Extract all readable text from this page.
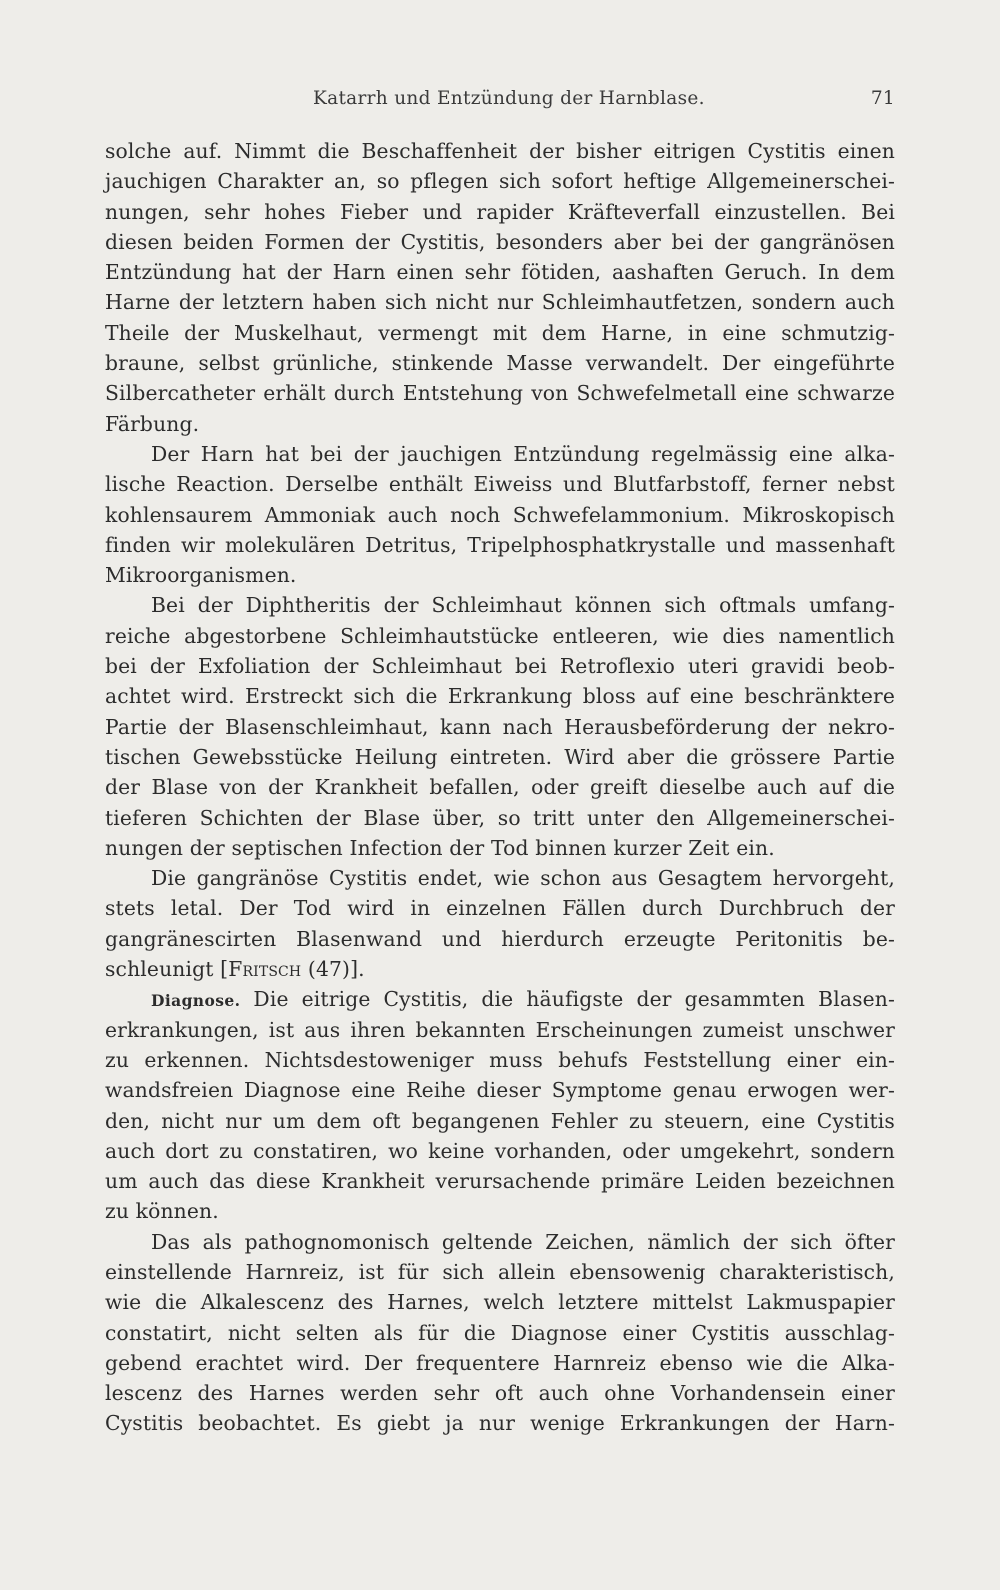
Katarrh und Entzündung der Harnblase.	71
solche auf. Nimmt die Beschaffenheit der bisher eitrigen Cystitis einen
jauchigen Charakter an, so pflegen sich sofort heftige Allgemeinerschei-
nungen, sehr hohes Fieber und rapider Kräfteverfall einzustellen. Bei
diesen beiden Formen der Cystitis, besonders aber bei der gangränösen
Entzündung hat der Harn einen sehr fötiden, aashaften Geruch. In dem
Harne der letztern haben sich nicht nur Schleimhautfetzen, sondern auch
Theile der Muskelhaut, vermengt mit dem Harne, in eine schmutzig-
braune, selbst grünliche, stinkende Masse verwandelt. Der eingeführte
Silbercatheter erhält durch Entstehung von Schwefelmetall eine schwarze
Färbung.
Der Harn hat bei der jauchigen Entzündung regelmässig eine alka-
lische Reaction. Derselbe enthält Eiweiss und Blutfarbstoff, ferner nebst
kohlensaurem Ammoniak auch noch Schwefelammonium. Mikroskopisch
finden wir molekulären Detritus, Tripelphosphatkrystalle und massenhaft
Mikroorganismen.
Bei der Diphtheritis der Schleimhaut können sich oftmals umfang-
reiche abgestorbene Schleimhautstücke entleeren, wie dies namentlich
bei der Exfoliation der Schleimhaut bei Retroflexio uteri gravidi beob-
achtet wird. Erstreckt sich die Erkrankung bloss auf eine beschränktere
Partie der Blasenschleimhaut, kann nach Herausbeförderung der nekro-
tischen Gewebsstücke Heilung eintreten. Wird aber die grössere Partie
der Blase von der Krankheit befallen, oder greift dieselbe auch auf die
tieferen Schichten der Blase über, so tritt unter den Allgemeinerschei-
nungen der septischen Infection der Tod binnen kurzer Zeit ein.
Die gangränöse Cystitis endet, wie schon aus Gesagtem hervorgeht,
stets letal. Der Tod wird in einzelnen Fällen durch Durchbruch der
gangränescirten Blasenwand und hierdurch erzeugte Peritonitis be-
schleunigt [Fritsch (47)].
Diagnose. Die eitrige Cystitis, die häufigste der gesammten Blasen-
erkrankungen, ist aus ihren bekannten Erscheinungen zumeist unschwer
zu erkennen. Nichtsdestoweniger muss behufs Feststellung einer ein-
wandsfreien Diagnose eine Reihe dieser Symptome genau erwogen wer-
den, nicht nur um dem oft begangenen Fehler zu steuern, eine Cystitis
auch dort zu constatiren, wo keine vorhanden, oder umgekehrt, sondern
um auch das diese Krankheit verursachende primäre Leiden bezeichnen
zu können.
Das als pathognomonisch geltende Zeichen, nämlich der sich öfter
einstellende Harnreiz, ist für sich allein ebensowenig charakteristisch,
wie die Alkalescenz des Harnes, welch letztere mittelst Lakmuspapier
constatirt, nicht selten als für die Diagnose einer Cystitis ausschlag-
gebend erachtet wird. Der frequentere Harnreiz ebenso wie die Alka-
lescenz des Harnes werden sehr oft auch ohne Vorhandensein einer
Cystitis beobachtet. Es giebt ja nur wenige Erkrankungen der Harn-
